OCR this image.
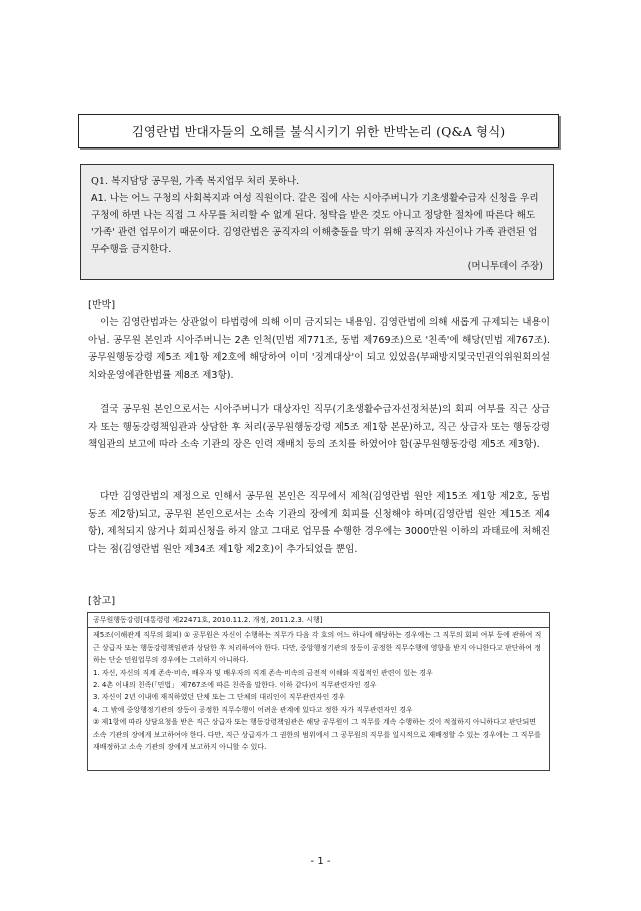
김영란법 반대자들의 오해를 불식시키기 위한 반박논리 (Q&A 형식)

Q1. 복지담당 공무원, 가족 복지업무 처리 못하나.

A1. 나는 어느 구청의 사회복지과 여성 직원이다. 같은 집에 사는 시아주버니가 기초생활수급자 신청을 우리 구청에 하면 나는 직접 그 사무를 처리할 수 없게 된다. 청탁을 받은 것도 아니고 정당한 절차에 따른다 해도 '가족' 관련 업무이기 때문이다. 김영란법은 공직자의 이해충돌을 막기 위해 공직자 자신이나 가족 관련된 업무수행을 금지한다.

(머니투데이 주장)

[반박]

이는 김영란법과는 상관없이 타법령에 의해 이미 금지되는 내용임. 김영란법에 의해 새롭게 규제되는 내용이 아님. 공무원 본인과 시아주버니는 2촌 인척(민법 제771조, 동법 제769조)으로 '친족'에 해당(민법 제767조). 공무원행동강령 제5조 제1항 제2호에 해당하여 이미 '징계대상'이 되고 있었음(부패방지및국민권익위원회의설치와운영에관한법률 제8조 제3항).

결국 공무원 본인으로서는 시아주버니가 대상자인 직무(기초생활수급자선정처분)의 회피 여부를 직근 상급자 또는 행동강령책임관과 상담한 후 처리(공무원행동강령 제5조 제1항 본문)하고, 직근 상급자 또는 행동강령책임관의 보고에 따라 소속 기관의 장은 인력 재배치 등의 조치를 하였어야 함(공무원행동강령 제5조 제3항).

다만 김영란법의 제정으로 인해서 공무원 본인은 직무에서 제척(김영란법 원안 제15조 제1항 제2호, 동법 동조 제2항)되고, 공무원 본인으로서는 소속 기관의 장에게 회피를 신청해야 하며(김영란법 원안 제15조 제4항), 제척되지 않거나 회피신청을 하지 않고 그대로 업무를 수행한 경우에는 3000만원 이하의 과태료에 처해진다는 점(김영란법 원안 제34조 제1항 제2호)이 추가되었을 뿐임.

[참고]

공무원행동강령[대통령령 제22471호, 2010.11.2. 개정, 2011.2.3. 시행]

제5조(이해관계 직무의 회피) ① 공무원은 자신이 수행하는 직무가 다음 각 호의 어느 하나에 해당하는 경우에는 그 직무의 회피 여부 등에 관하여 직근 상급자 또는 행동강령책임관과 상담한 후 처리하여야 한다. 다만, 중앙행정기관의 장등이 공정한 직무수행에 영향을 받지 아니한다고 판단하여 정하는 단순 민원업무의 경우에는 그러하지 아니하다.

1. 자신, 자신의 직계 존속·비속, 배우자 및 배우자의 직계 존속·비속의 금전적 이해와 직접적인 관련이 있는 경우

2. 4촌 이내의 친족(「민법」 제767조에 따른 친족을 말한다. 이하 같다)이 직무관련자인 경우

3. 자신이 2년 이내에 재직하였던 단체 또는 그 단체의 대리인이 직무관련자인 경우

4. 그 밖에 중앙행정기관의 장등이 공정한 직무수행이 어려운 관계에 있다고 정한 자가 직무관련자인 경우

② 제1항에 따라 상담요청을 받은 직근 상급자 또는 행동강령책임관은 해당 공무원이 그 직무를 계속 수행하는 것이 적절하지 아니하다고 판단되면 소속 기관의 장에게 보고하여야 한다. 다만, 직근 상급자가 그 권한의 범위에서 그 공무원의 직무를 일시적으로 재배정할 수 있는 경우에는 그 직무를 재배정하고 소속 기관의 장에게 보고하지 아니할 수 있다.

- 1 -
